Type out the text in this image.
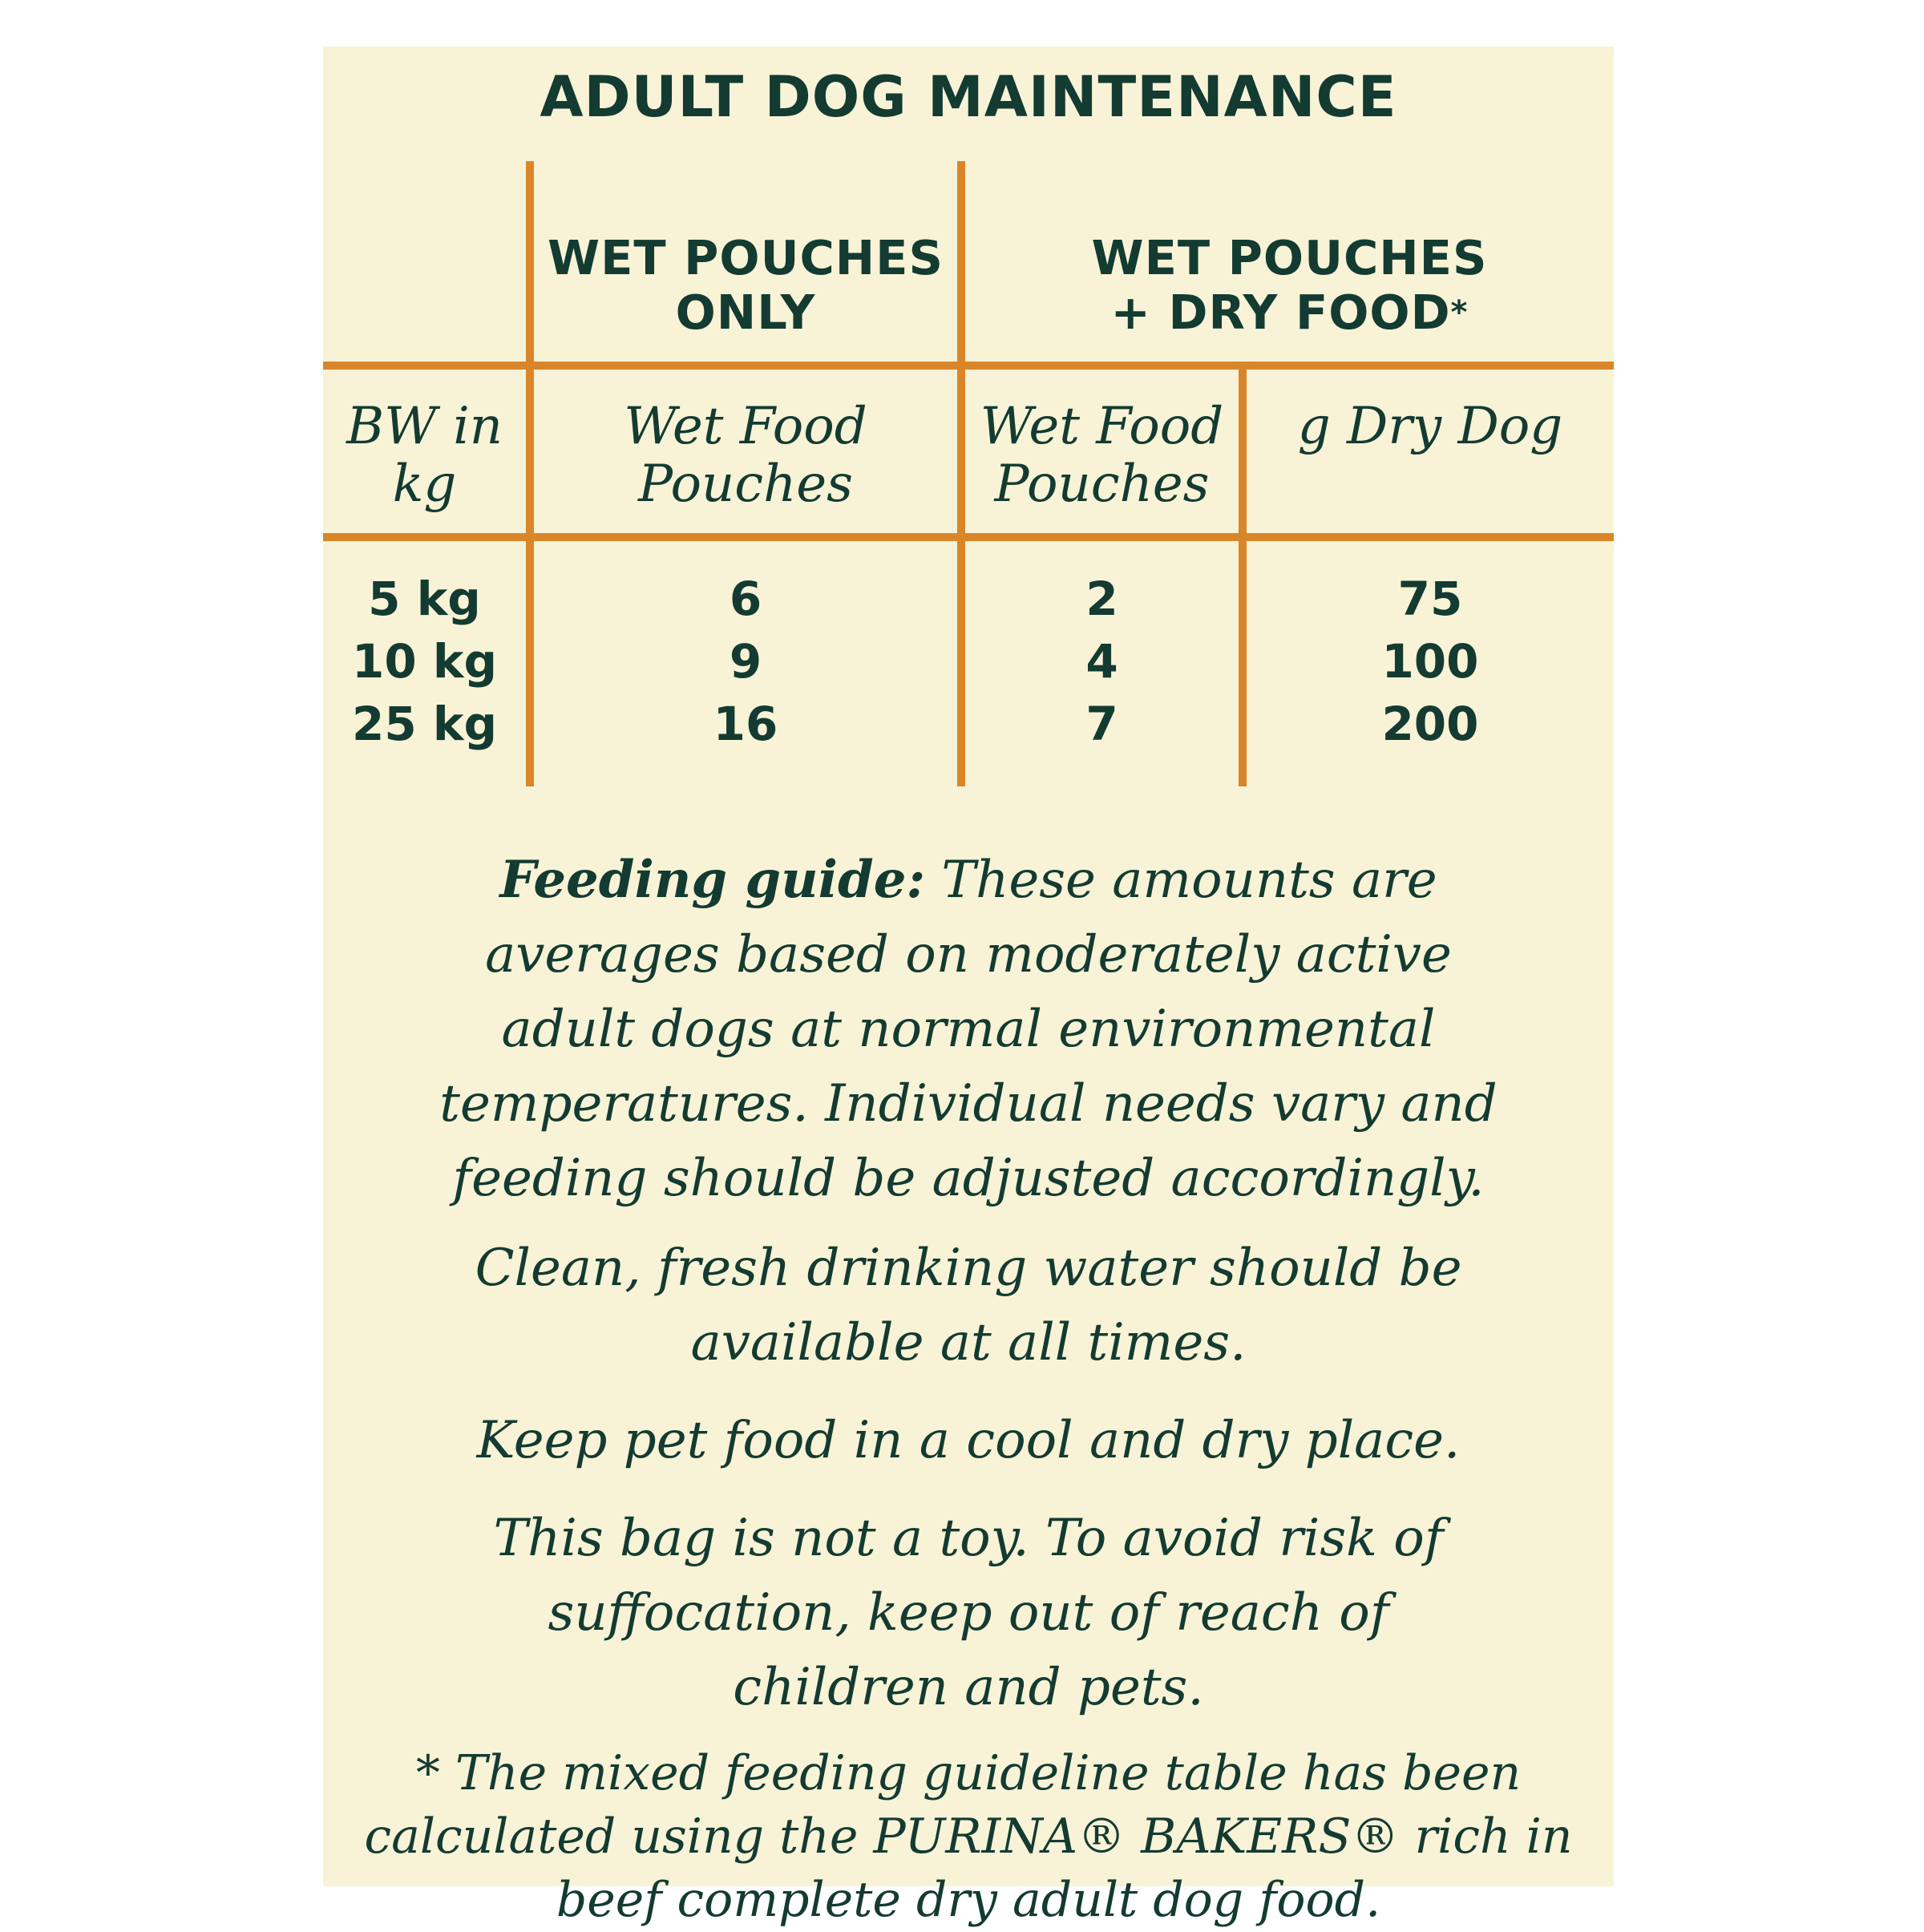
ADULT DOG MAINTENANCE
WET POUCHES
ONLY
WET POUCHES
+ DRY FOOD*
BW in
kg
Wet Food
Pouches
Wet Food
Pouches
g Dry Dog
5 kg
10 kg
25 kg
6
9
16
2
4
7
75
100
200
Feeding guide: These amounts are
averages based on moderately active
adult dogs at normal environmental
temperatures. Individual needs vary and
feeding should be adjusted accordingly.
Clean, fresh drinking water should be
available at all times.
Keep pet food in a cool and dry place.
This bag is not a toy. To avoid risk of
suffocation, keep out of reach of
children and pets.
* The mixed feeding guideline table has been
calculated using the PURINA® BAKERS® rich in
beef complete dry adult dog food.
